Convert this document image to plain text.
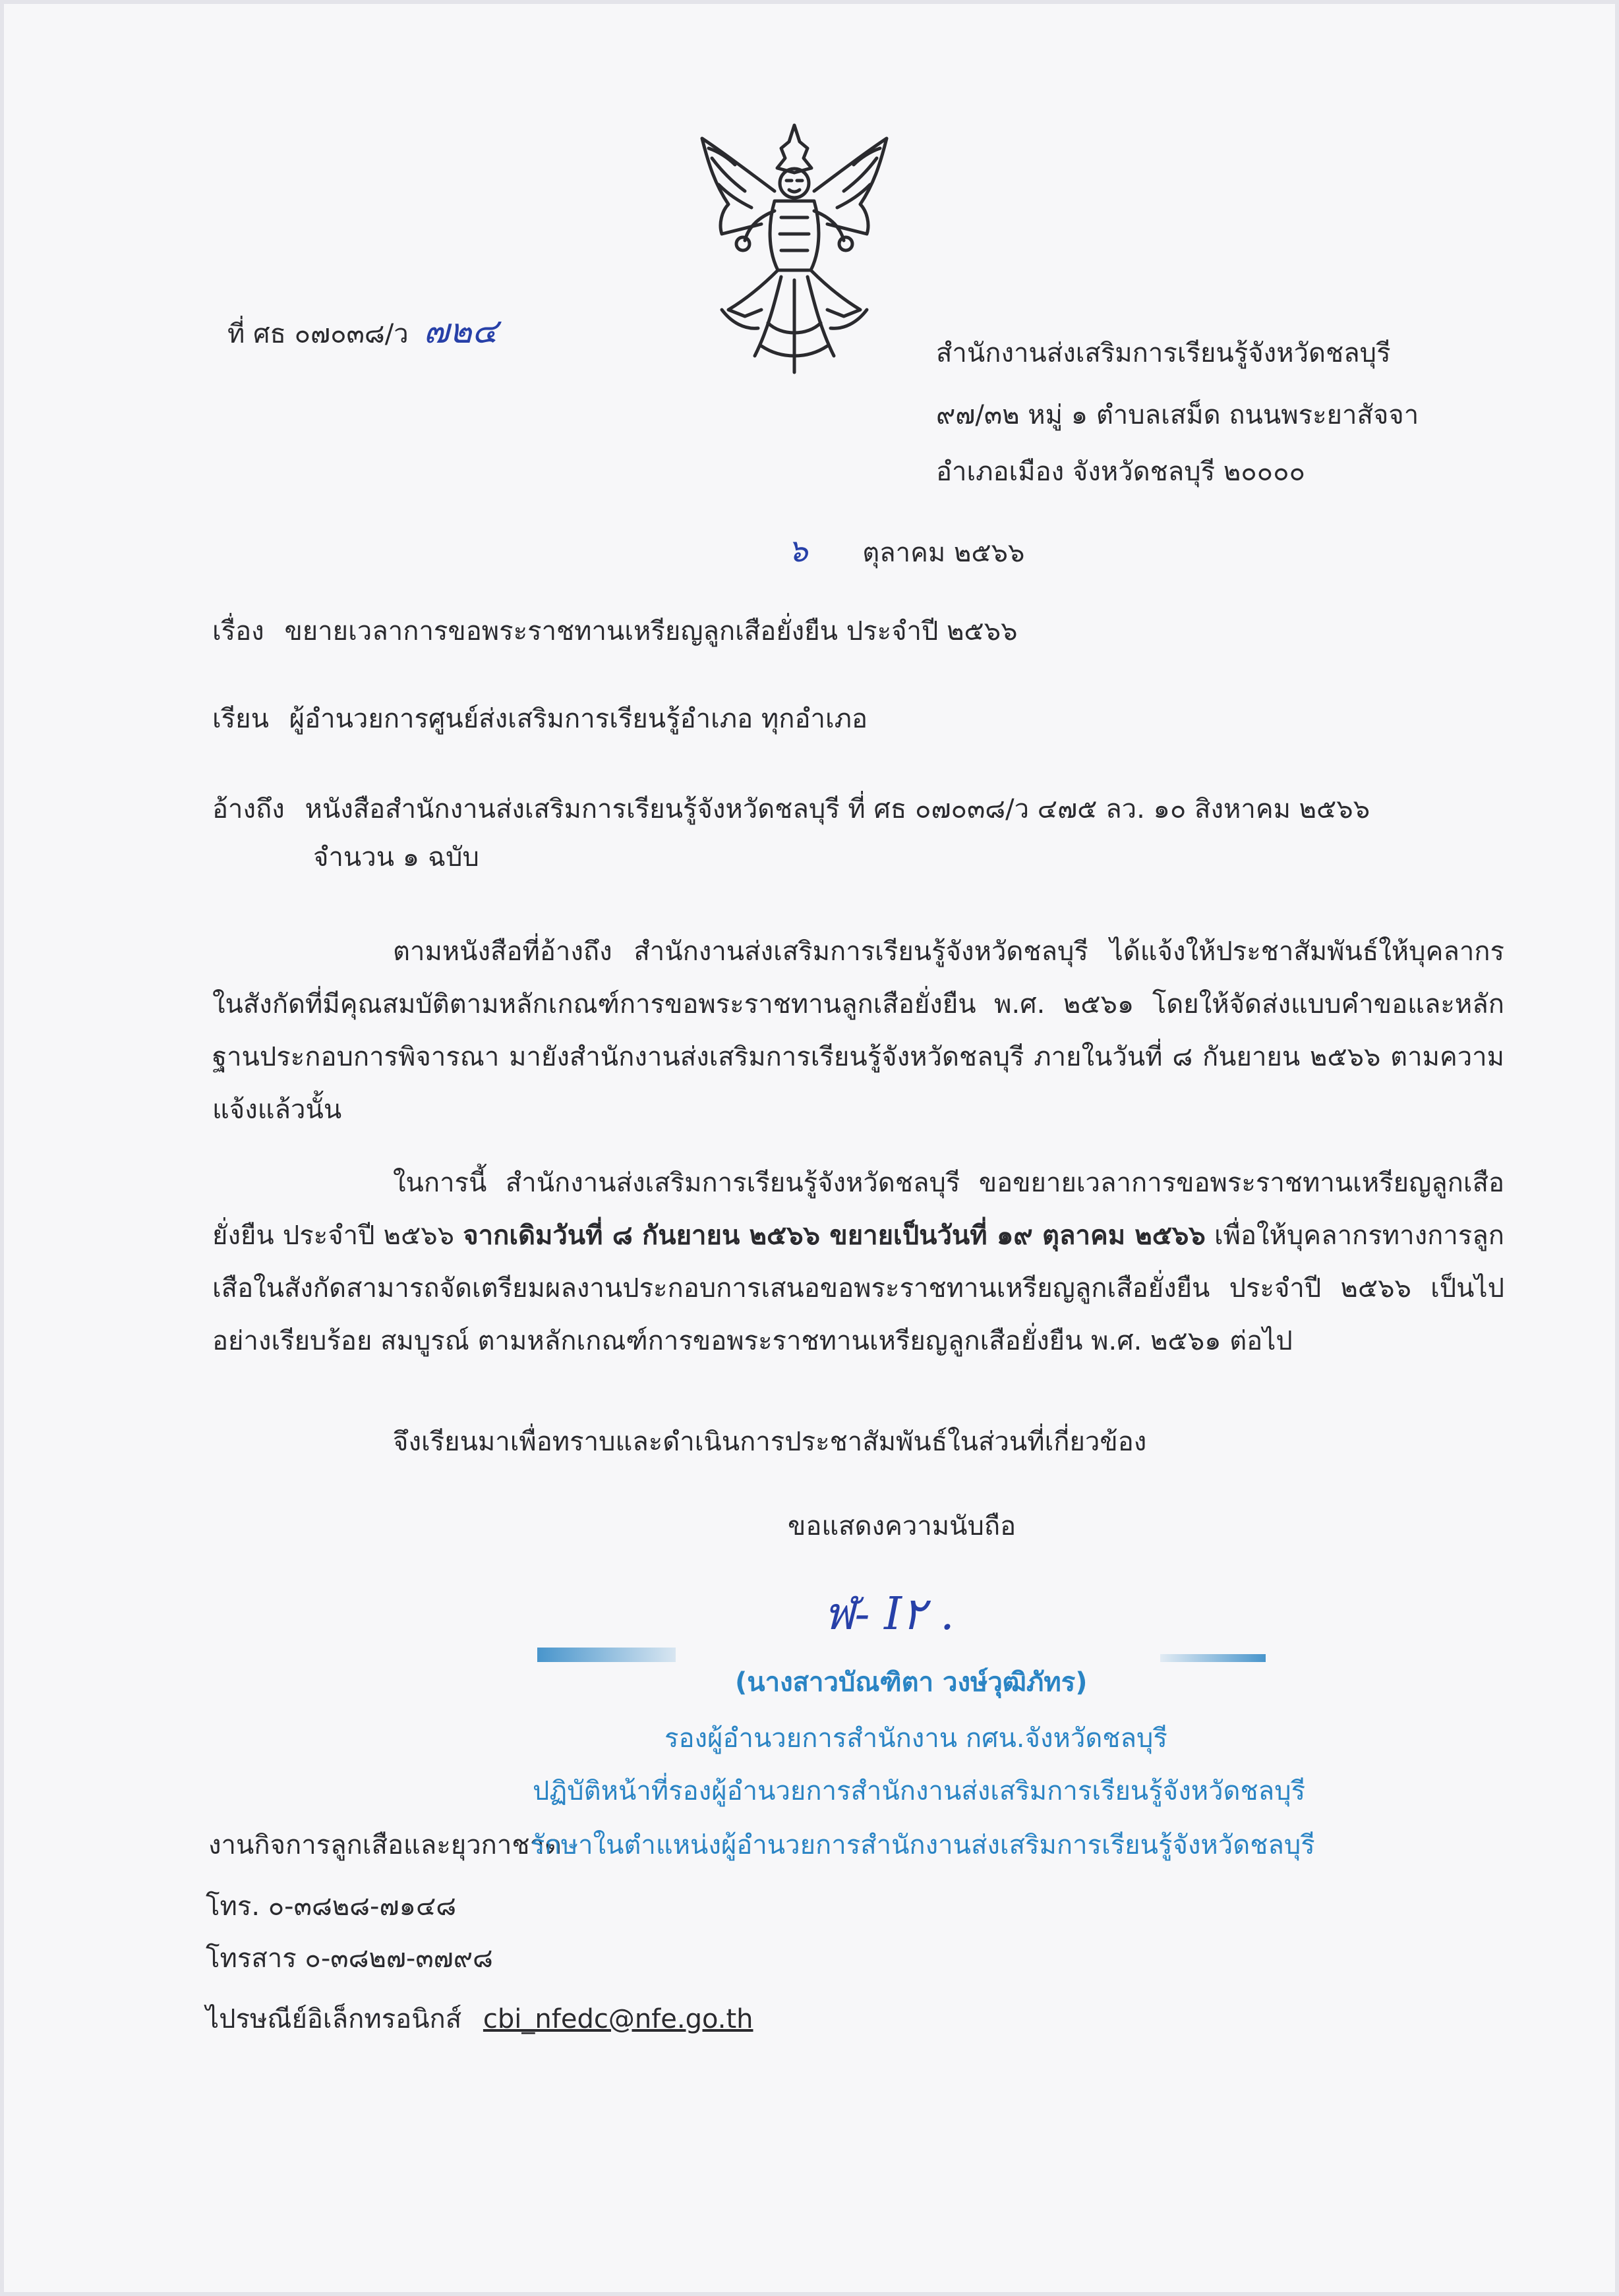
ที่ ศธ ๐๗๐๓๘/ว ๗๒๔
สำนักงานส่งเสริมการเรียนรู้จังหวัดชลบุรี
๙๗/๓๒ หมู่ ๑ ตำบลเสม็ด ถนนพระยาสัจจา
อำเภอเมือง จังหวัดชลบุรี ๒๐๐๐๐
๖ ตุลาคม ๒๕๖๖
เรื่อง ขยายเวลาการขอพระราชทานเหรียญลูกเสือยั่งยืน ประจำปี ๒๕๖๖
เรียน ผู้อำนวยการศูนย์ส่งเสริมการเรียนรู้อำเภอ ทุกอำเภอ
อ้างถึง หนังสือสำนักงานส่งเสริมการเรียนรู้จังหวัดชลบุรี ที่ ศธ ๐๗๐๓๘/ว ๔๗๕ ลว. ๑๐ สิงหาคม ๒๕๖๖
จำนวน ๑ ฉบับ
ตามหนังสือที่อ้างถึง สำนักงานส่งเสริมการเรียนรู้จังหวัดชลบุรี ได้แจ้งให้ประชาสัมพันธ์ให้บุคลากรในสังกัดที่มีคุณสมบัติตามหลักเกณฑ์การขอพระราชทานลูกเสือยั่งยืน พ.ศ. ๒๕๖๑ โดยให้จัดส่งแบบคำขอและหลักฐานประกอบการพิจารณา มายังสำนักงานส่งเสริมการเรียนรู้จังหวัดชลบุรี ภายในวันที่ ๘ กันยายน ๒๕๖๖ ตามความแจ้งแล้วนั้น
ในการนี้ สำนักงานส่งเสริมการเรียนรู้จังหวัดชลบุรี ขอขยายเวลาการขอพระราชทานเหรียญลูกเสือยั่งยืน ประจำปี ๒๕๖๖ จากเดิมวันที่ ๘ กันยายน ๒๕๖๖ ขยายเป็นวันที่ ๑๙ ตุลาคม ๒๕๖๖ เพื่อให้บุคลากรทางการลูกเสือในสังกัดสามารถจัดเตรียมผลงานประกอบการเสนอขอพระราชทานเหรียญลูกเสือยั่งยืน ประจำปี ๒๕๖๖ เป็นไปอย่างเรียบร้อย สมบูรณ์ ตามหลักเกณฑ์การขอพระราชทานเหรียญลูกเสือยั่งยืน พ.ศ. ๒๕๖๑ ต่อไป
จึงเรียนมาเพื่อทราบและดำเนินการประชาสัมพันธ์ในส่วนที่เกี่ยวข้อง
ขอแสดงความนับถือ
ฬ- I۲ .
(นางสาวบัณฑิตา วงษ์วุฒิภัทร)
รองผู้อำนวยการสำนักงาน กศน.จังหวัดชลบุรี
ปฏิบัติหน้าที่รองผู้อำนวยการสำนักงานส่งเสริมการเรียนรู้จังหวัดชลบุรี
งานกิจการลูกเสือและยุวกาชาด
รักษาในตำแหน่งผู้อำนวยการสำนักงานส่งเสริมการเรียนรู้จังหวัดชลบุรี
โทร. ๐-๓๘๒๘-๗๑๔๘
โทรสาร ๐-๓๘๒๗-๓๗๙๘
ไปรษณีย์อิเล็กทรอนิกส์ cbi_nfedc@nfe.go.th
